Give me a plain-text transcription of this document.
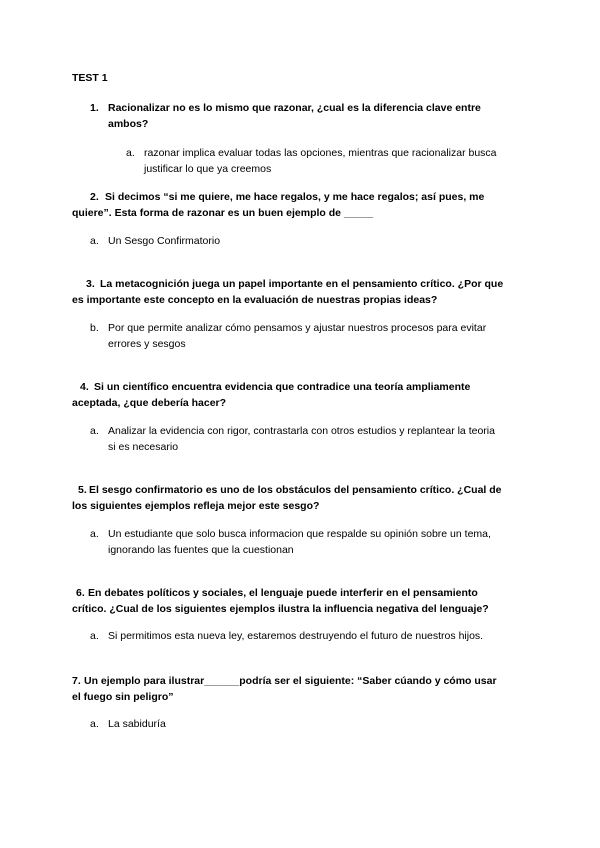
TEST 1
1. Racionalizar no es lo mismo que razonar, ¿cual es la diferencia clave entre
ambos?
a. razonar implica evaluar todas las opciones, mientras que racionalizar busca
justificar lo que ya creemos
2. Si decimos “si me quiere, me hace regalos, y me hace regalos; así pues, me
quiere”. Esta forma de razonar es un buen ejemplo de _____
a. Un Sesgo Confirmatorio
3. La metacognición juega un papel importante en el pensamiento crítico. ¿Por que
es importante este concepto en la evaluación de nuestras propias ideas?
b. Por que permite analizar cómo pensamos y ajustar nuestros procesos para evitar
errores y sesgos
4. Si un científico encuentra evidencia que contradice una teoría ampliamente
aceptada, ¿que debería hacer?
a. Analizar la evidencia con rigor, contrastarla con otros estudios y replantear la teoria
si es necesario
5. El sesgo confirmatorio es uno de los obstáculos del pensamiento crítico. ¿Cual de
los siguientes ejemplos refleja mejor este sesgo?
a. Un estudiante que solo busca informacion que respalde su opinión sobre un tema,
ignorando las fuentes que la cuestionan
6. En debates políticos y sociales, el lenguaje puede interferir en el pensamiento
crítico. ¿Cual de los siguientes ejemplos ilustra la influencia negativa del lenguaje?
a. Si permitimos esta nueva ley, estaremos destruyendo el futuro de nuestros hijos.
7. Un ejemplo para ilustrar______podría ser el siguiente: “Saber cúando y cómo usar
el fuego sin peligro”
a. La sabiduría
